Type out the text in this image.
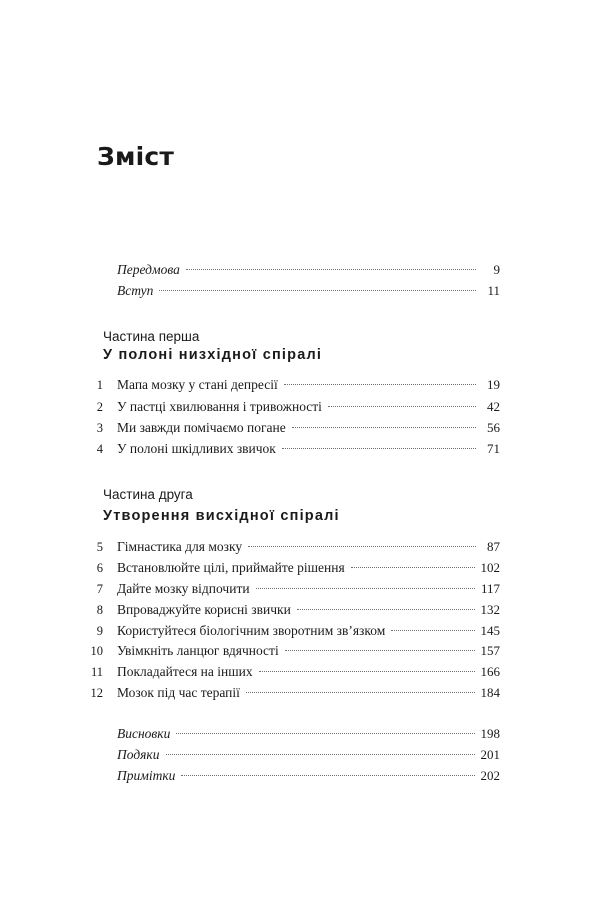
Зміст
Передмова	9
Вступ	11
Частина перша
У полоні низхідної спіралі
1 Мапа мозку у стані депресії	19
2 У пастці хвилювання і тривожності	42
3 Ми завжди помічаємо погане	56
4 У полоні шкідливих звичок	71
Частина друга
Утворення висхідної спіралі
5 Гімнастика для мозку	87
6 Встановлюйте цілі, приймайте рішення	102
7 Дайте мозку відпочити	117
8 Впроваджуйте корисні звички	132
9 Користуйтеся біологічним зворотним зв’язком	145
10 Увімкніть ланцюг вдячності	157
11 Покладайтеся на інших	166
12 Мозок під час терапії	184
Висновки	198
Подяки	201
Примітки	202
